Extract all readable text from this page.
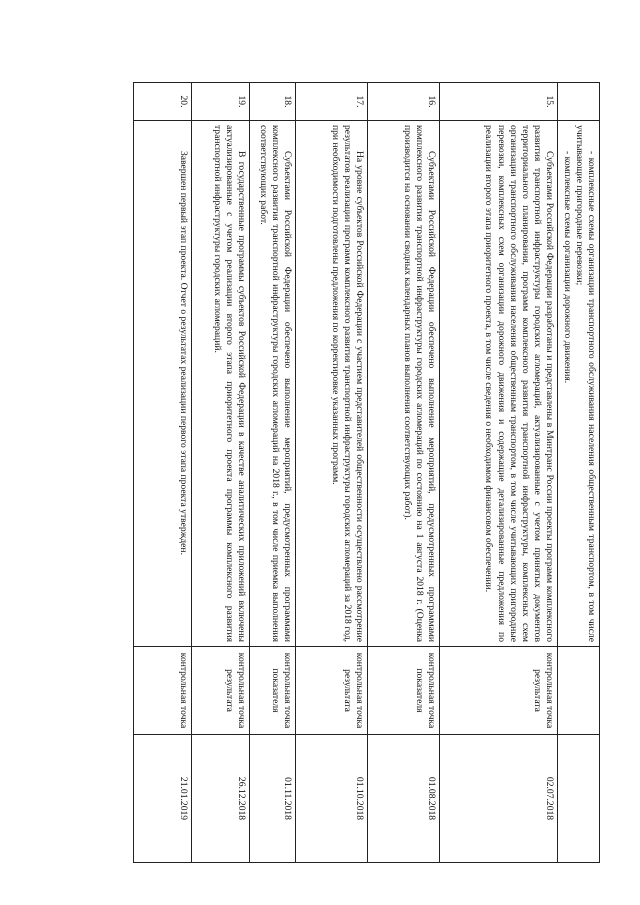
	- комплексные схемы организации транспортного обслуживания населения общественным транспортом, в том числе учитывающие пригородные перевозки;

- комплексные схемы организации дорожного движения.		

15.	Субъектами Российской Федерации разработаны и представлены в Минтранс России проекты программ комплексного развития транспортной инфраструктуры городских агломераций, актуализированные с учетом принятых документов территориального планирования, программ комплексного развития транспортной инфраструктуры, комплексных схем организации транспортного обслуживания населения общественным транспортом, в том числе учитывающих пригородные перевозки, комплексных схем организации дорожного движения и содержащие детализированные предложения по реализации второго этапа приоритетного проекта, в том числе сведения о необходимом финансовом обеспечении.	контрольная точка результата	02.07.2018
16.	Субъектами Российской Федерации обеспечено выполнение мероприятий, предусмотренных программами комплексного развития транспортной инфраструктуры городских агломераций по состоянию на 1 августа 2018 г. (Оценка производится на основании сводных календарных планов выполнения соответствующих работ).	контрольная точка показателя	01.08.2018
17.	На уровне субъектов Российской Федерации с участием представителей общественности осуществлено рассмотрение результатов реализации программ комплексного развития транспортной инфраструктуры городских агломераций за 2018 год, при необходимости подготовлены предложения по корректировке указанных программ.	контрольная точка результата	01.10.2018
18.	Субъектами Российской Федерации обеспечено выполнение мероприятий, предусмотренных программами комплексного развития транспортной инфраструктуры городских агломераций на 2018 г., в том числе приемка выполнения соответствующих работ.	контрольная точка показателя	01.11.2018
19.	В государственные программы субъектов Российской Федерации в качестве аналитических приложений включены актуализированные с учетом реализации второго этапа приоритетного проекта программы комплексного развития транспортной инфраструктуры городских агломераций.	контрольная точка результата	26.12.2018
20.	Завершен первый этап проекта. Отчет о результатах реализации первого этапа проекта утвержден.	контрольная точка	21.01.2019
